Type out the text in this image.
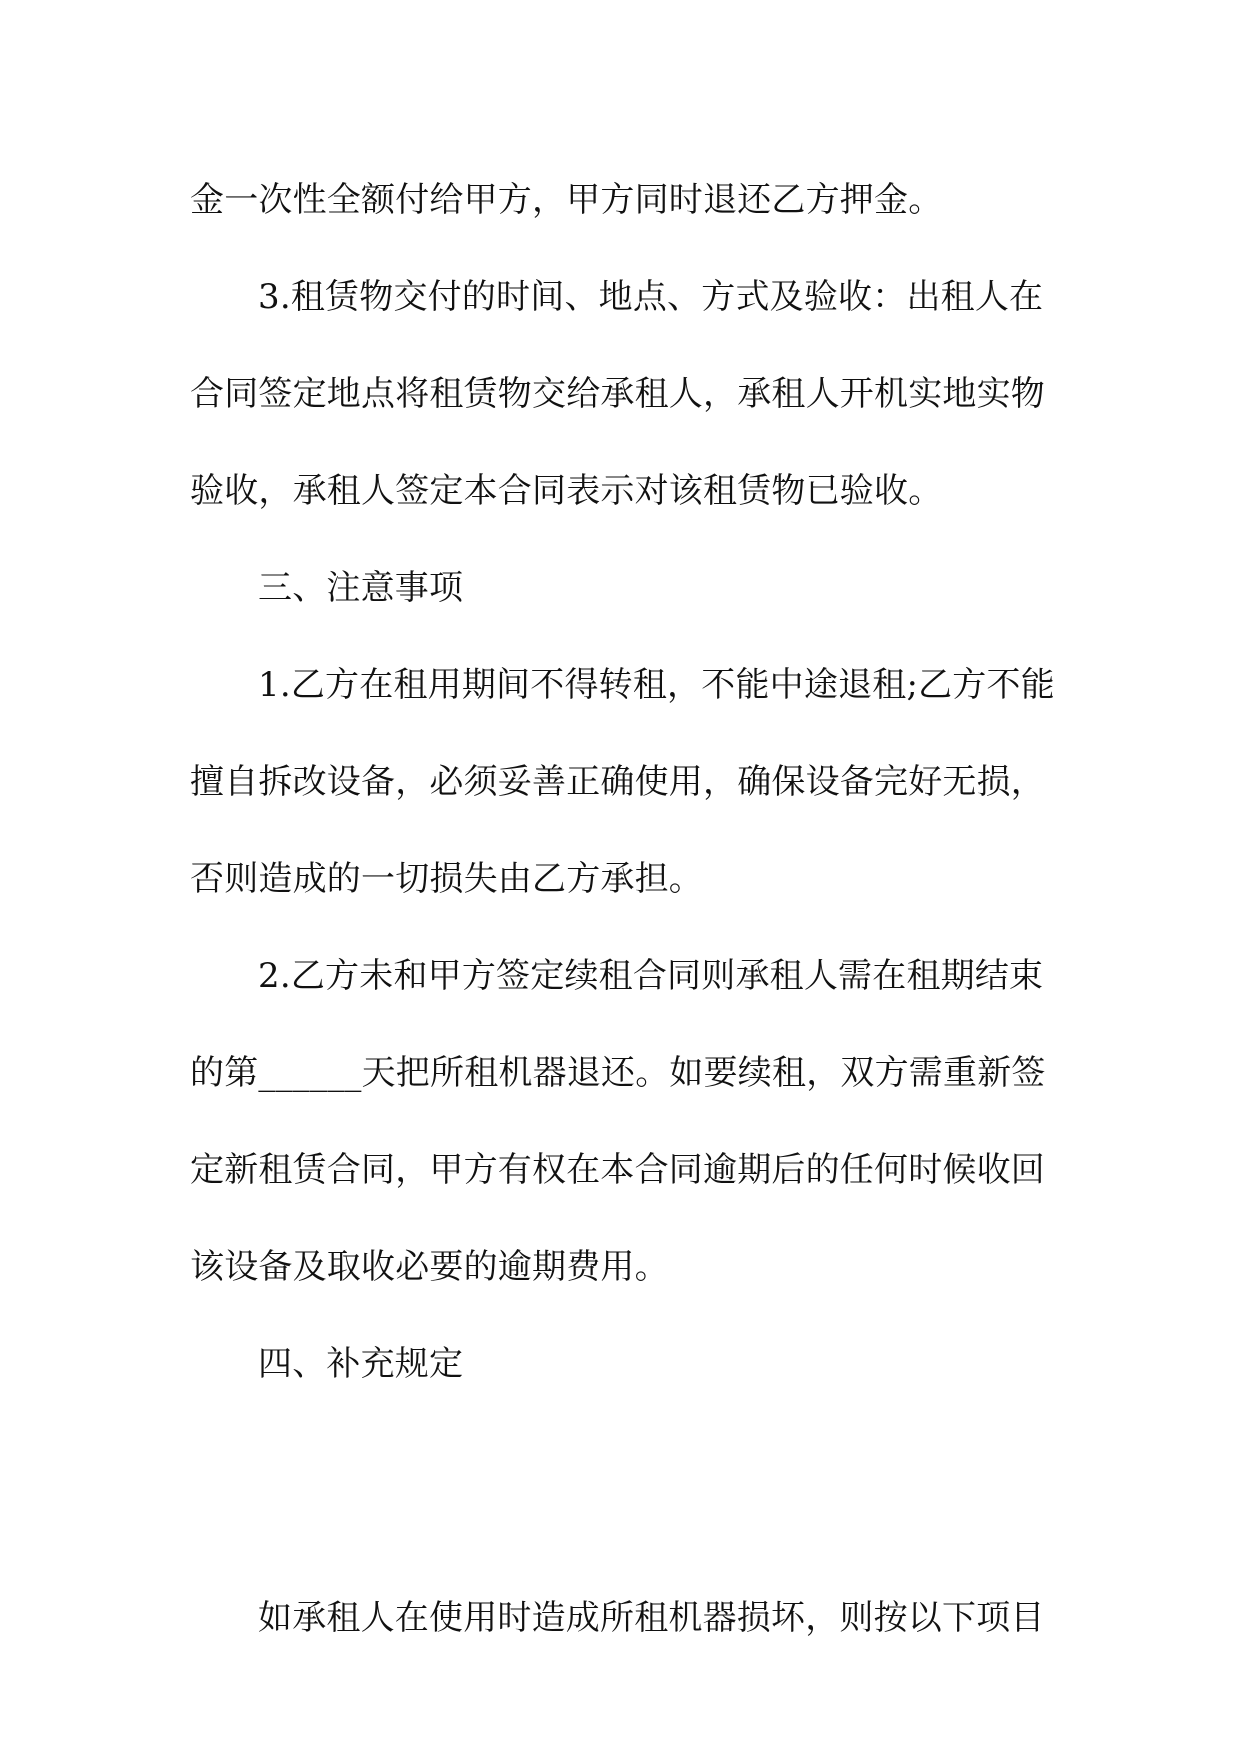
金一次性全额付给甲方，甲方同时退还乙方押金。

3.租赁物交付的时间、地点、方式及验收：出租人在

合同签定地点将租赁物交给承租人，承租人开机实地实物

验收，承租人签定本合同表示对该租赁物已验收。

三、注意事项

1.乙方在租用期间不得转租，不能中途退租;乙方不能

擅自拆改设备，必须妥善正确使用，确保设备完好无损，

否则造成的一切损失由乙方承担。

2.乙方未和甲方签定续租合同则承租人需在租期结束

的第______天把所租机器退还。如要续租，双方需重新签

定新租赁合同，甲方有权在本合同逾期后的任何时候收回

该设备及取收必要的逾期费用。

四、补充规定

如承租人在使用时造成所租机器损坏，则按以下项目
